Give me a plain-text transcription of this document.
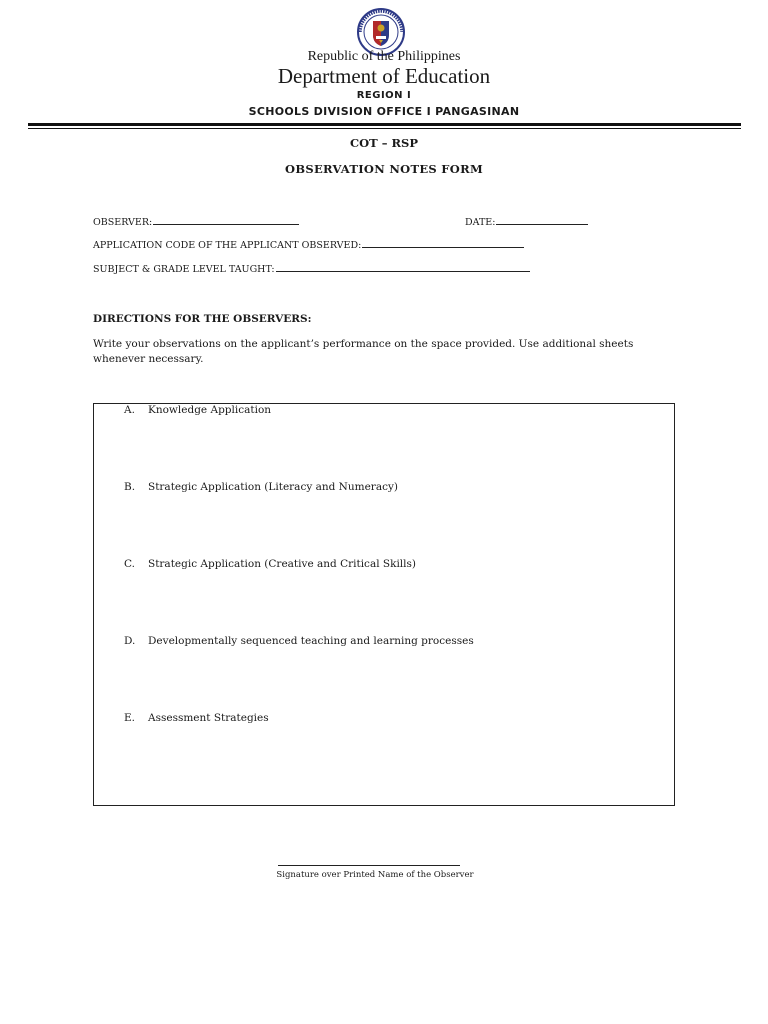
Republic of the Philippines
Department of Education
REGION I
SCHOOLS DIVISION OFFICE I PANGASINAN
COT – RSP
OBSERVATION NOTES FORM
OBSERVER:	DATE:
APPLICATION CODE OF THE APPLICANT OBSERVED:
SUBJECT & GRADE LEVEL TAUGHT:
DIRECTIONS FOR THE OBSERVERS:
Write your observations on the applicant’s performance on the space provided. Use additional sheets whenever necessary.
A. Knowledge Application
B. Strategic Application (Literacy and Numeracy)
C. Strategic Application (Creative and Critical Skills)
D. Developmentally sequenced teaching and learning processes
E. Assessment Strategies
Signature over Printed Name of the Observer
